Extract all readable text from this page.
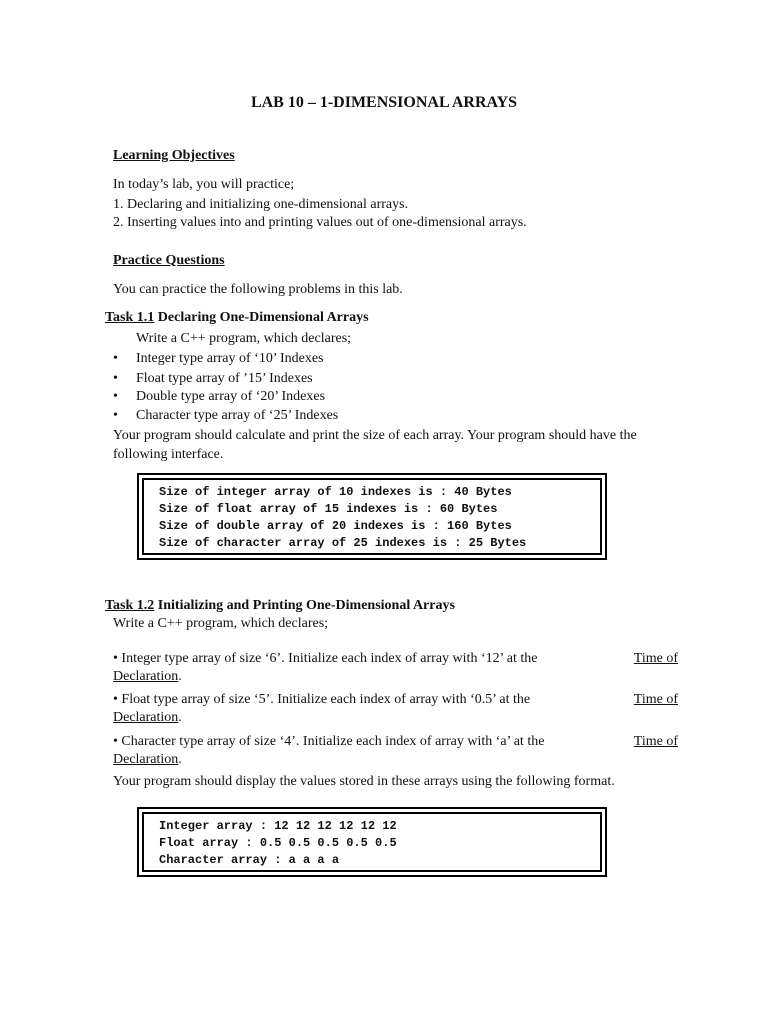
LAB 10 – 1-DIMENSIONAL ARRAYS
Learning Objectives
In today’s lab, you will practice;
1. Declaring and initializing one-dimensional arrays.
2. Inserting values into and printing values out of one-dimensional arrays.
Practice Questions
You can practice the following problems in this lab.
Task 1.1 Declaring One-Dimensional Arrays
Write a C++ program, which declares;
• Integer type array of ‘10’ Indexes
• Float type array of ’15’ Indexes
• Double type array of ‘20’ Indexes
• Character type array of ‘25’ Indexes
Your program should calculate and print the size of each array. Your program should have the
following interface.
Size of integer array of 10 indexes is : 40 Bytes
Size of float array of 15 indexes is : 60 Bytes
Size of double array of 20 indexes is : 160 Bytes
Size of character array of 25 indexes is : 25 Bytes
Task 1.2 Initializing and Printing One-Dimensional Arrays
Write a C++ program, which declares;
• Integer type array of size ‘6’. Initialize each index of array with ‘12’ at the	Time of
Declaration.
• Float type array of size ‘5’. Initialize each index of array with ‘0.5’ at the	Time of
Declaration.
• Character type array of size ‘4’. Initialize each index of array with ‘a’ at the	Time of
Declaration.
Your program should display the values stored in these arrays using the following format.
Integer array : 12 12 12 12 12 12
Float array : 0.5 0.5 0.5 0.5 0.5
Character array : a a a a
